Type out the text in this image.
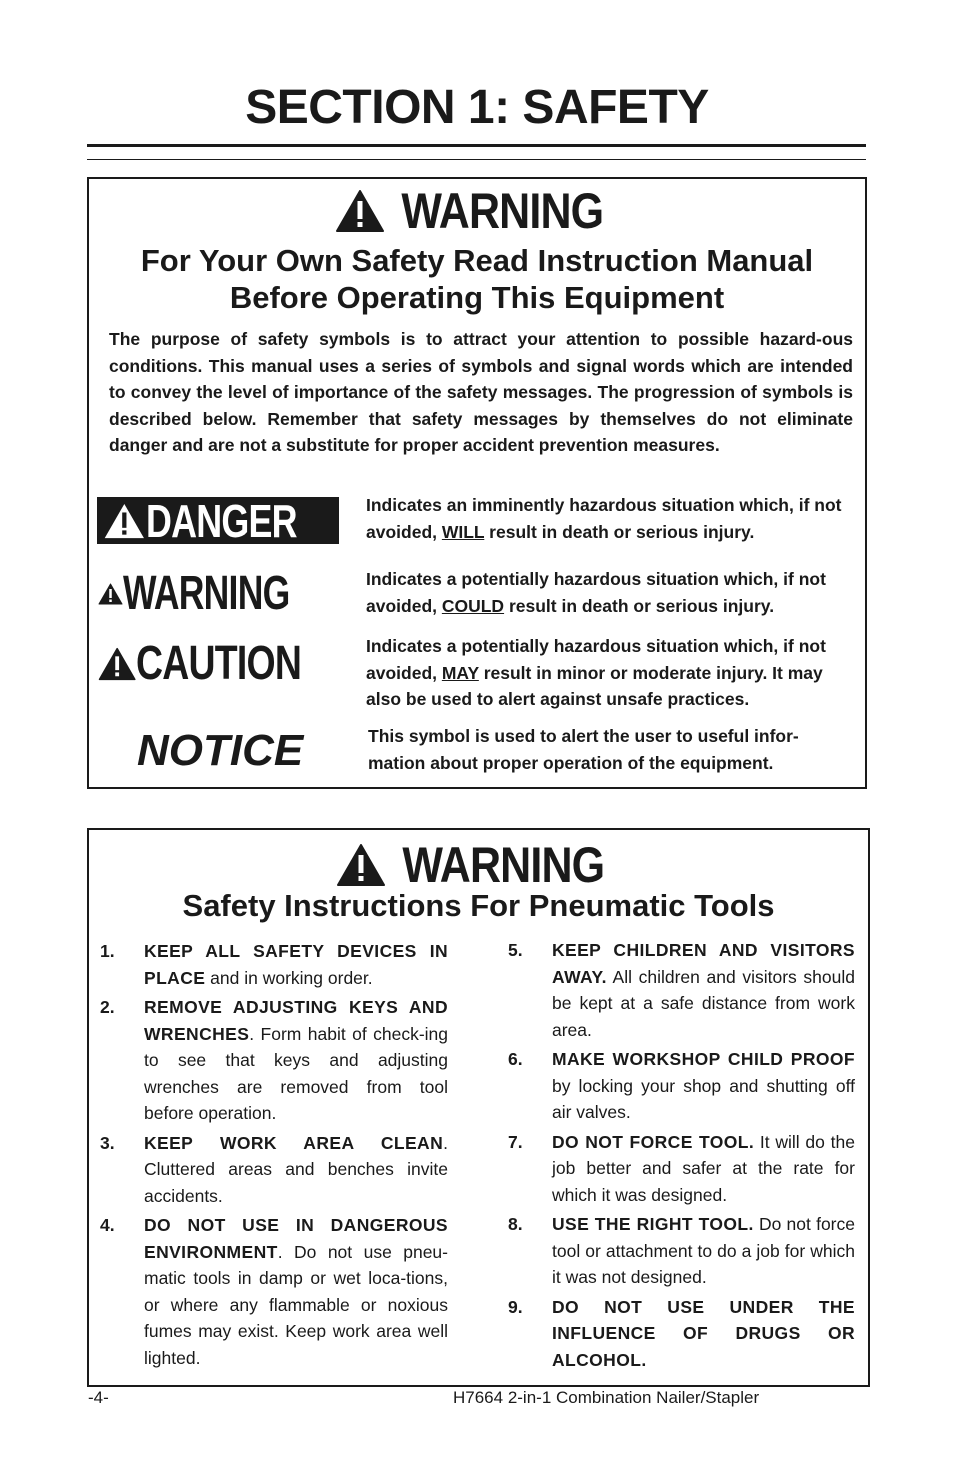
SECTION 1: SAFETY
WARNING
For Your Own Safety Read Instruction Manual
Before Operating This Equipment

The purpose of safety symbols is to attract your attention to possible hazard-ous conditions. This manual uses a series of symbols and signal words which are intended to convey the level of importance of the safety messages. The progression of symbols is described below. Remember that safety messages by themselves do not eliminate danger and are not a substitute for proper accident prevention measures.

DANGER	Indicates an imminently hazardous situation which, if not avoided, WILL result in death or serious injury.

WARNING	Indicates a potentially hazardous situation which, if not avoided, COULD result in death or serious injury.

CAUTION	Indicates a potentially hazardous situation which, if not avoided, MAY result in minor or moderate injury. It may also be used to alert against unsafe practices.

NOTICE	This symbol is used to alert the user to useful infor-mation about proper operation of the equipment.

WARNING
Safety Instructions For Pneumatic Tools
1.	KEEP ALL SAFETY DEVICES IN PLACE and in working order.
2.	REMOVE ADJUSTING KEYS AND WRENCHES. Form habit of check-ing to see that keys and adjusting wrenches are removed from tool before operation.
3.	KEEP WORK AREA CLEAN. Cluttered areas and benches invite accidents.
4.	DO NOT USE IN DANGEROUS ENVIRONMENT. Do not use pneu-matic tools in damp or wet loca-tions, or where any flammable or noxious fumes may exist. Keep work area well lighted.
5.	KEEP CHILDREN AND VISITORS AWAY. All children and visitors should be kept at a safe distance from work area.
6.	MAKE WORKSHOP CHILD PROOF by locking your shop and shutting off air valves.
7.	DO NOT FORCE TOOL. It will do the job better and safer at the rate for which it was designed.
8.	USE THE RIGHT TOOL. Do not force tool or attachment to do a job for which it was not designed.
9.	DO NOT USE UNDER THE INFLUENCE OF DRUGS OR ALCOHOL.
-4-	H7664 2-in-1 Combination Nailer/Stapler
